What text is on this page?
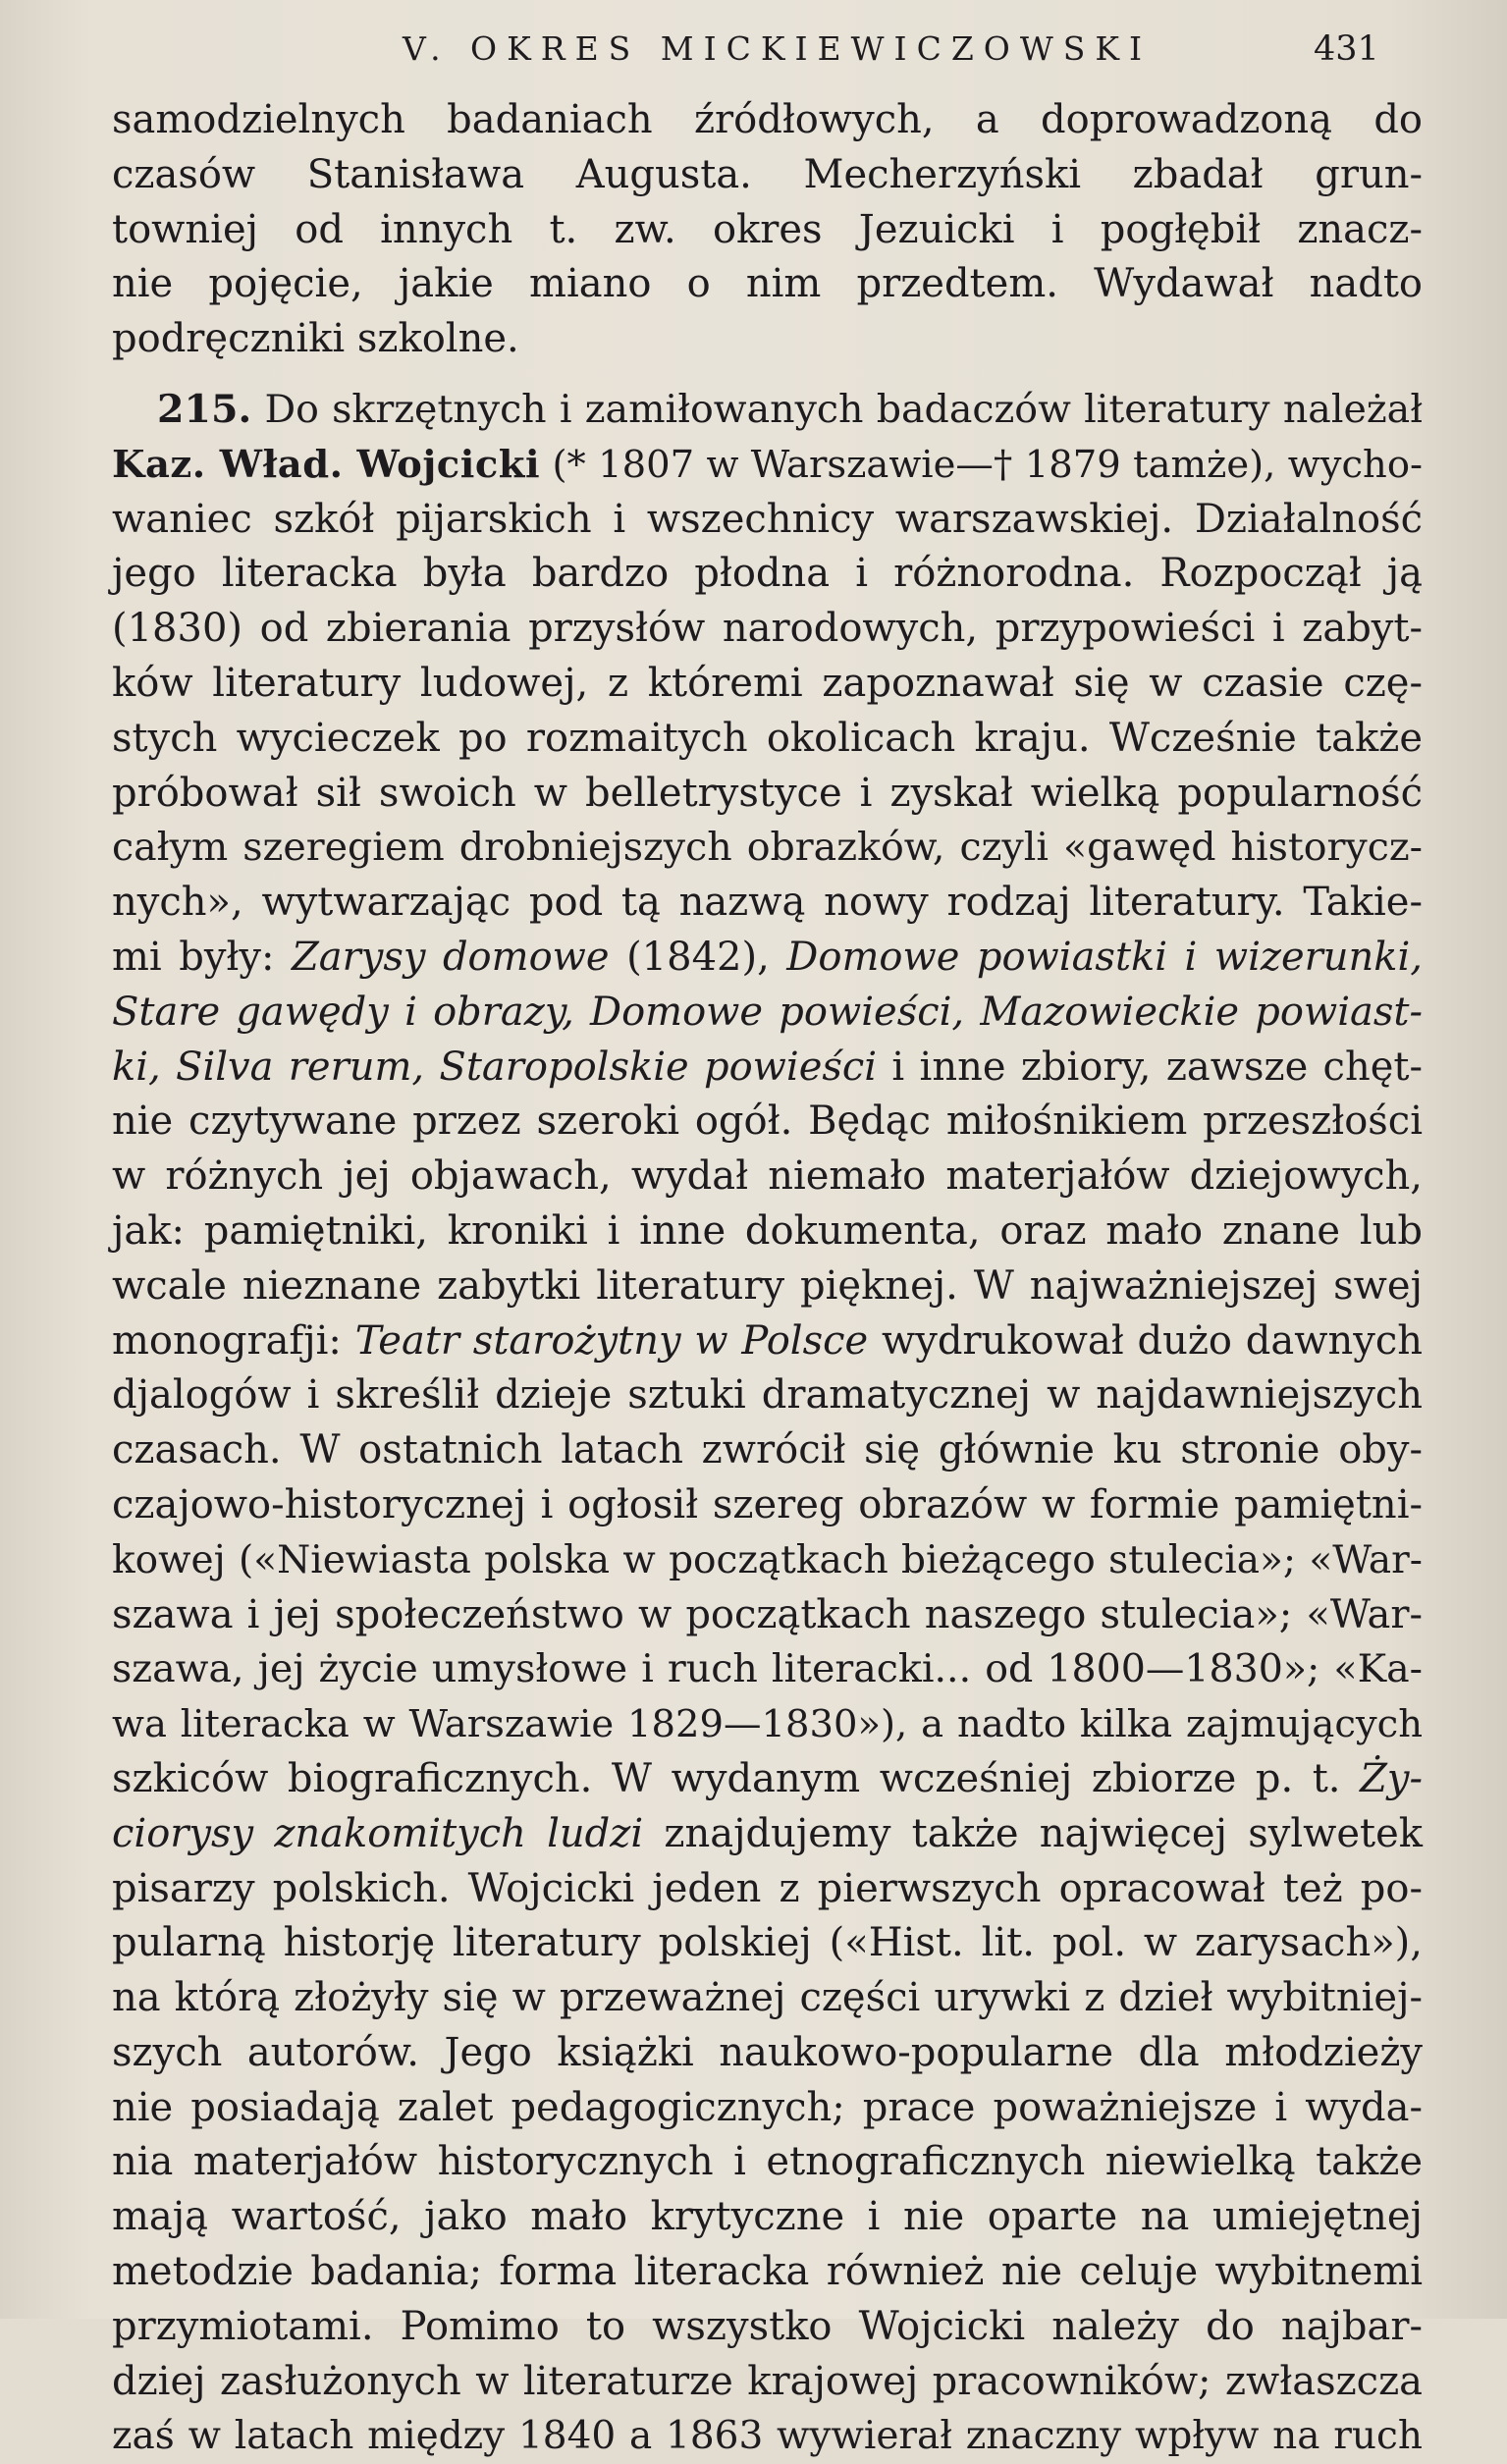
V. OKRES MICKIEWICZOWSKI	431
samodzielnych badaniach źródłowych, a doprowadzoną do
czasów Stanisława Augusta. Mecherzyński zbadał grun-
towniej od innych t. zw. okres Jezuicki i pogłębił znacz-
nie pojęcie, jakie miano o nim przedtem. Wydawał nadto
podręczniki szkolne.
215. Do skrzętnych i zamiłowanych badaczów literatury należał
Kaz. Wład. Wojcicki (* 1807 w Warszawie—† 1879 tamże), wycho-
waniec szkół pijarskich i wszechnicy warszawskiej. Działalność
jego literacka była bardzo płodna i różnorodna. Rozpoczął ją
(1830) od zbierania przysłów narodowych, przypowieści i zabyt-
ków literatury ludowej, z któremi zapoznawał się w czasie czę-
stych wycieczek po rozmaitych okolicach kraju. Wcześnie także
próbował sił swoich w belletrystyce i zyskał wielką popularność
całym szeregiem drobniejszych obrazków, czyli «gawęd historycz-
nych», wytwarzając pod tą nazwą nowy rodzaj literatury. Takie-
mi były: Zarysy domowe (1842), Domowe powiastki i wizerunki,
Stare gawędy i obrazy, Domowe powieści, Mazowieckie powiast-
ki, Silva rerum, Staropolskie powieści i inne zbiory, zawsze chęt-
nie czytywane przez szeroki ogół. Będąc miłośnikiem przeszłości
w różnych jej objawach, wydał niemało materjałów dziejowych,
jak: pamiętniki, kroniki i inne dokumenta, oraz mało znane lub
wcale nieznane zabytki literatury pięknej. W najważniejszej swej
monografji: Teatr starożytny w Polsce wydrukował dużo dawnych
djalogów i skreślił dzieje sztuki dramatycznej w najdawniejszych
czasach. W ostatnich latach zwrócił się głównie ku stronie oby-
czajowo-historycznej i ogłosił szereg obrazów w formie pamiętni-
kowej («Niewiasta polska w początkach bieżącego stulecia»; «War-
szawa i jej społeczeństwo w początkach naszego stulecia»; «War-
szawa, jej życie umysłowe i ruch literacki... od 1800—1830»; «Ka-
wa literacka w Warszawie 1829—1830»), a nadto kilka zajmujących
szkiców biograficznych. W wydanym wcześniej zbiorze p. t. Ży-
ciorysy znakomitych ludzi znajdujemy także najwięcej sylwetek
pisarzy polskich. Wojcicki jeden z pierwszych opracował też po-
pularną historję literatury polskiej («Hist. lit. pol. w zarysach»),
na którą złożyły się w przeważnej części urywki z dzieł wybitniej-
szych autorów. Jego książki naukowo-popularne dla młodzieży
nie posiadają zalet pedagogicznych; prace poważniejsze i wyda-
nia materjałów historycznych i etnograficznych niewielką także
mają wartość, jako mało krytyczne i nie oparte na umiejętnej
metodzie badania; forma literacka również nie celuje wybitnemi
przymiotami. Pomimo to wszystko Wojcicki należy do najbar-
dziej zasłużonych w literaturze krajowej pracowników; zwłaszcza
zaś w latach między 1840 a 1863 wywierał znaczny wpływ na ruch
